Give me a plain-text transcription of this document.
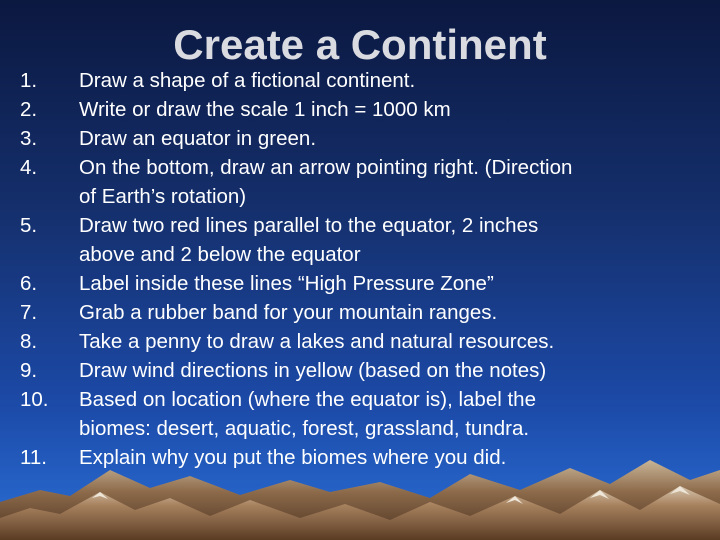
Create a Continent
1. Draw a shape of a fictional continent.
2. Write or draw the scale 1 inch = 1000 km
3. Draw an equator in green.
4. On the bottom, draw an arrow pointing right. (Direction
of Earth’s rotation)
5. Draw two red lines parallel to the equator, 2 inches
above and 2 below the equator
6. Label inside these lines “High Pressure Zone”
7. Grab a rubber band for your mountain ranges.
8. Take a penny to draw a lakes and natural resources.
9. Draw wind directions in yellow (based on the notes)
10. Based on location (where the equator is), label the
biomes: desert, aquatic, forest, grassland, tundra.
11. Explain why you put the biomes where you did.
